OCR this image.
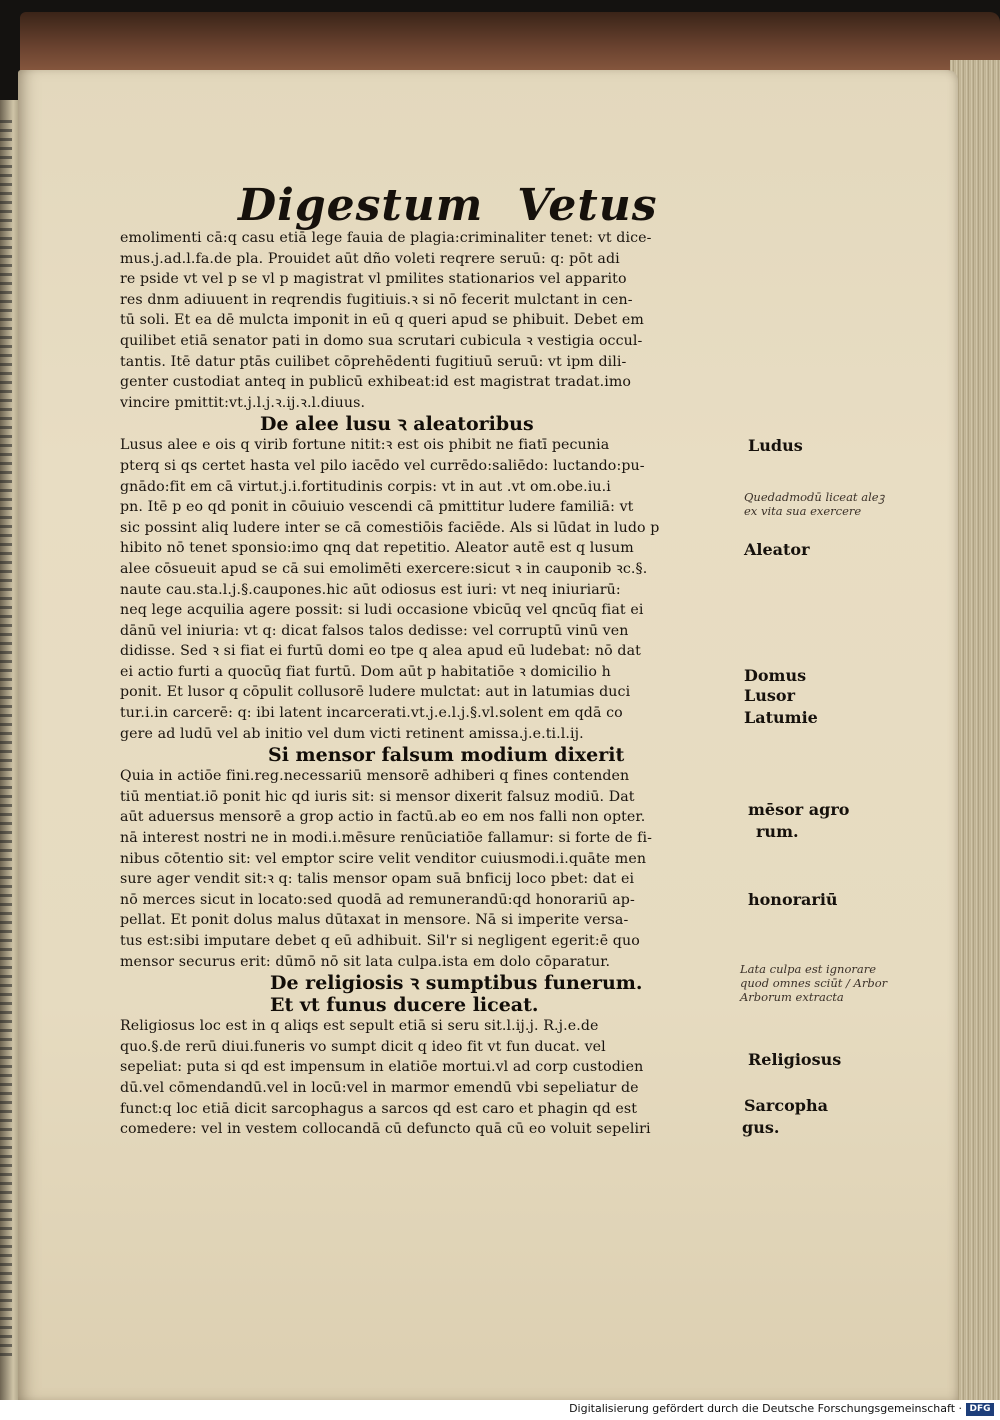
Digestum Vetus
emolimenti cā:q casu etiā lege fauia de plagia:criminaliter tenet: vt dice-
mus.j.ad.l.fa.de pla. Prouidet aūt dño voleti reqrere seruū: q: pōt adi
re pside vt vel p se vl p magistrat vl pmilites stationarios vel apparito
res dnm adiuuent in reqrendis fugitiuis.ꝛ si nō fecerit mulctant in cen-
tū soli. Et ea dē mulcta imponit in eū q queri apud se phibuit. Debet em
quilibet etiā senator pati in domo sua scrutari cubicula ꝛ vestigia occul-
tantis. Itē datur ptās cuilibet cōprehēdenti fugitiuū seruū: vt ipm dili-
genter custodiat anteq in publicū exhibeat:id est magistrat tradat.imo
vincire pmittit:vt.j.l.j.ꝛ.ij.ꝛ.l.diuus.
De alee lusu ꝛ aleatoribus
Lusus alee e ois q virib fortune nitit:ꝛ est ois phibit ne fiatī pecunia
pterq si qs certet hasta vel pilo iacēdo vel currēdo:saliēdo: luctando:pu-
gnādo:fit em cā virtut.j.i.fortitudinis corpis: vt in aut .vt om.obe.iu.i
pn. Itē p eo qd ponit in cōuiuio vescendi cā pmittitur ludere familiā: vt
sic possint aliq ludere inter se cā comestiōis faciēde. Als si lūdat in ludo p
hibito nō tenet sponsio:imo qnq dat repetitio. Aleator autē est q lusum
alee cōsueuit apud se cā sui emolimēti exercere:sicut ꝛ in cauponib ꝛc.§.
naute cau.sta.l.j.§.caupones.hic aūt odiosus est iuri: vt neq iniuriarū:
neq lege acquilia agere possit: si ludi occasione vbicūq vel qncūq fiat ei
dānū vel iniuria: vt q: dicat falsos talos dedisse: vel corruptū vinū ven
didisse. Sed ꝛ si fiat ei furtū domi eo tpe q alea apud eū ludebat: nō dat
ei actio furti a quocūq fiat furtū. Dom aūt p habitatiōe ꝛ domicilio h
ponit. Et lusor q cōpulit collusorē ludere mulctat: aut in latumias duci
tur.i.in carcerē: q: ibi latent incarcerati.vt.j.e.l.j.§.vl.solent em qdā co
gere ad ludū vel ab initio vel dum victi retinent amissa.j.e.ti.l.ij.
Si mensor falsum modium dixerit
Quia in actiōe fini.reg.necessariū mensorē adhiberi q fines contenden
tiū mentiat.iō ponit hic qd iuris sit: si mensor dixerit falsuz modiū. Dat
aūt aduersus mensorē a grop actio in factū.ab eo em nos falli non opter.
nā interest nostri ne in modi.i.mēsure renūciatiōe fallamur: si forte de fi-
nibus cōtentio sit: vel emptor scire velit venditor cuiusmodi.i.quāte men
sure ager vendit sit:ꝛ q: talis mensor opam suā bnficij loco pbet: dat ei
nō merces sicut in locato:sed quodā ad remunerandū:qd honorariū ap-
pellat. Et ponit dolus malus dūtaxat in mensore. Nā si imperite versa-
tus est:sibi imputare debet q eū adhibuit. Sil'r si negligent egerit:ē quo
mensor securus erit: dūmō nō sit lata culpa.ista em dolo cōparatur.
De religiosis ꝛ sumptibus funerum.
Et vt funus ducere liceat.
Religiosus loc est in q aliqs est sepult etiā si seru sit.l.ij.j. R.j.e.de
quo.§.de rerū diui.funeris vo sumpt dicit q ideo fit vt fun ducat. vel
sepeliat: puta si qd est impensum in elatiōe mortui.vl ad corp custodien
dū.vel cōmendandū.vel in locū:vel in marmor emendū vbi sepeliatur de
funct:q loc etiā dicit sarcophagus a sarcos qd est caro et phagin qd est
comedere: vel in vestem collocandā cū defuncto quā cū eo voluit sepeliri
Ludus
Aleator
Domus
Lusor
Latumie
mēsor agro
rum.
honorariū
Religiosus
Sarcopha
gus.
Quedadmodū liceat aleꝫ
ex vita sua exercere
Lata culpa est ignorare
quod omnes sciūt / Arbor
Arborum extracta
Digitalisierung gefördert durch die Deutsche Forschungsgemeinschaft · DFG
